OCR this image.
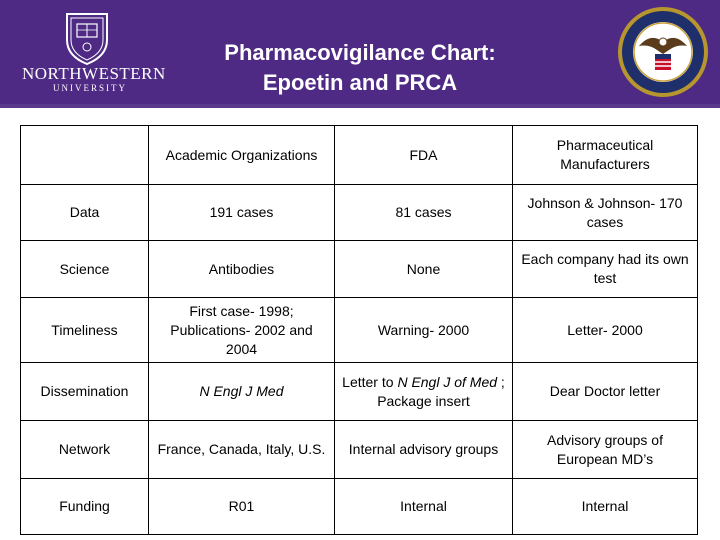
NORTHWESTERN
UNIVERSITY
Pharmacovigilance Chart:
Epoetin and PRCA
	Academic Organizations	FDA	Pharmaceutical Manufacturers
Data	191 cases	81 cases	Johnson & Johnson- 170 cases
Science	Antibodies	None	Each company had its own test
Timeliness	First case- 1998; Publications- 2002 and 2004	Warning- 2000	Letter- 2000
Dissemination	N Engl J Med	Letter to N Engl J of Med ; Package insert	Dear Doctor letter
Network	France, Canada, Italy, U.S.	Internal advisory groups	Advisory groups of European MD’s
Funding	R01	Internal	Internal
